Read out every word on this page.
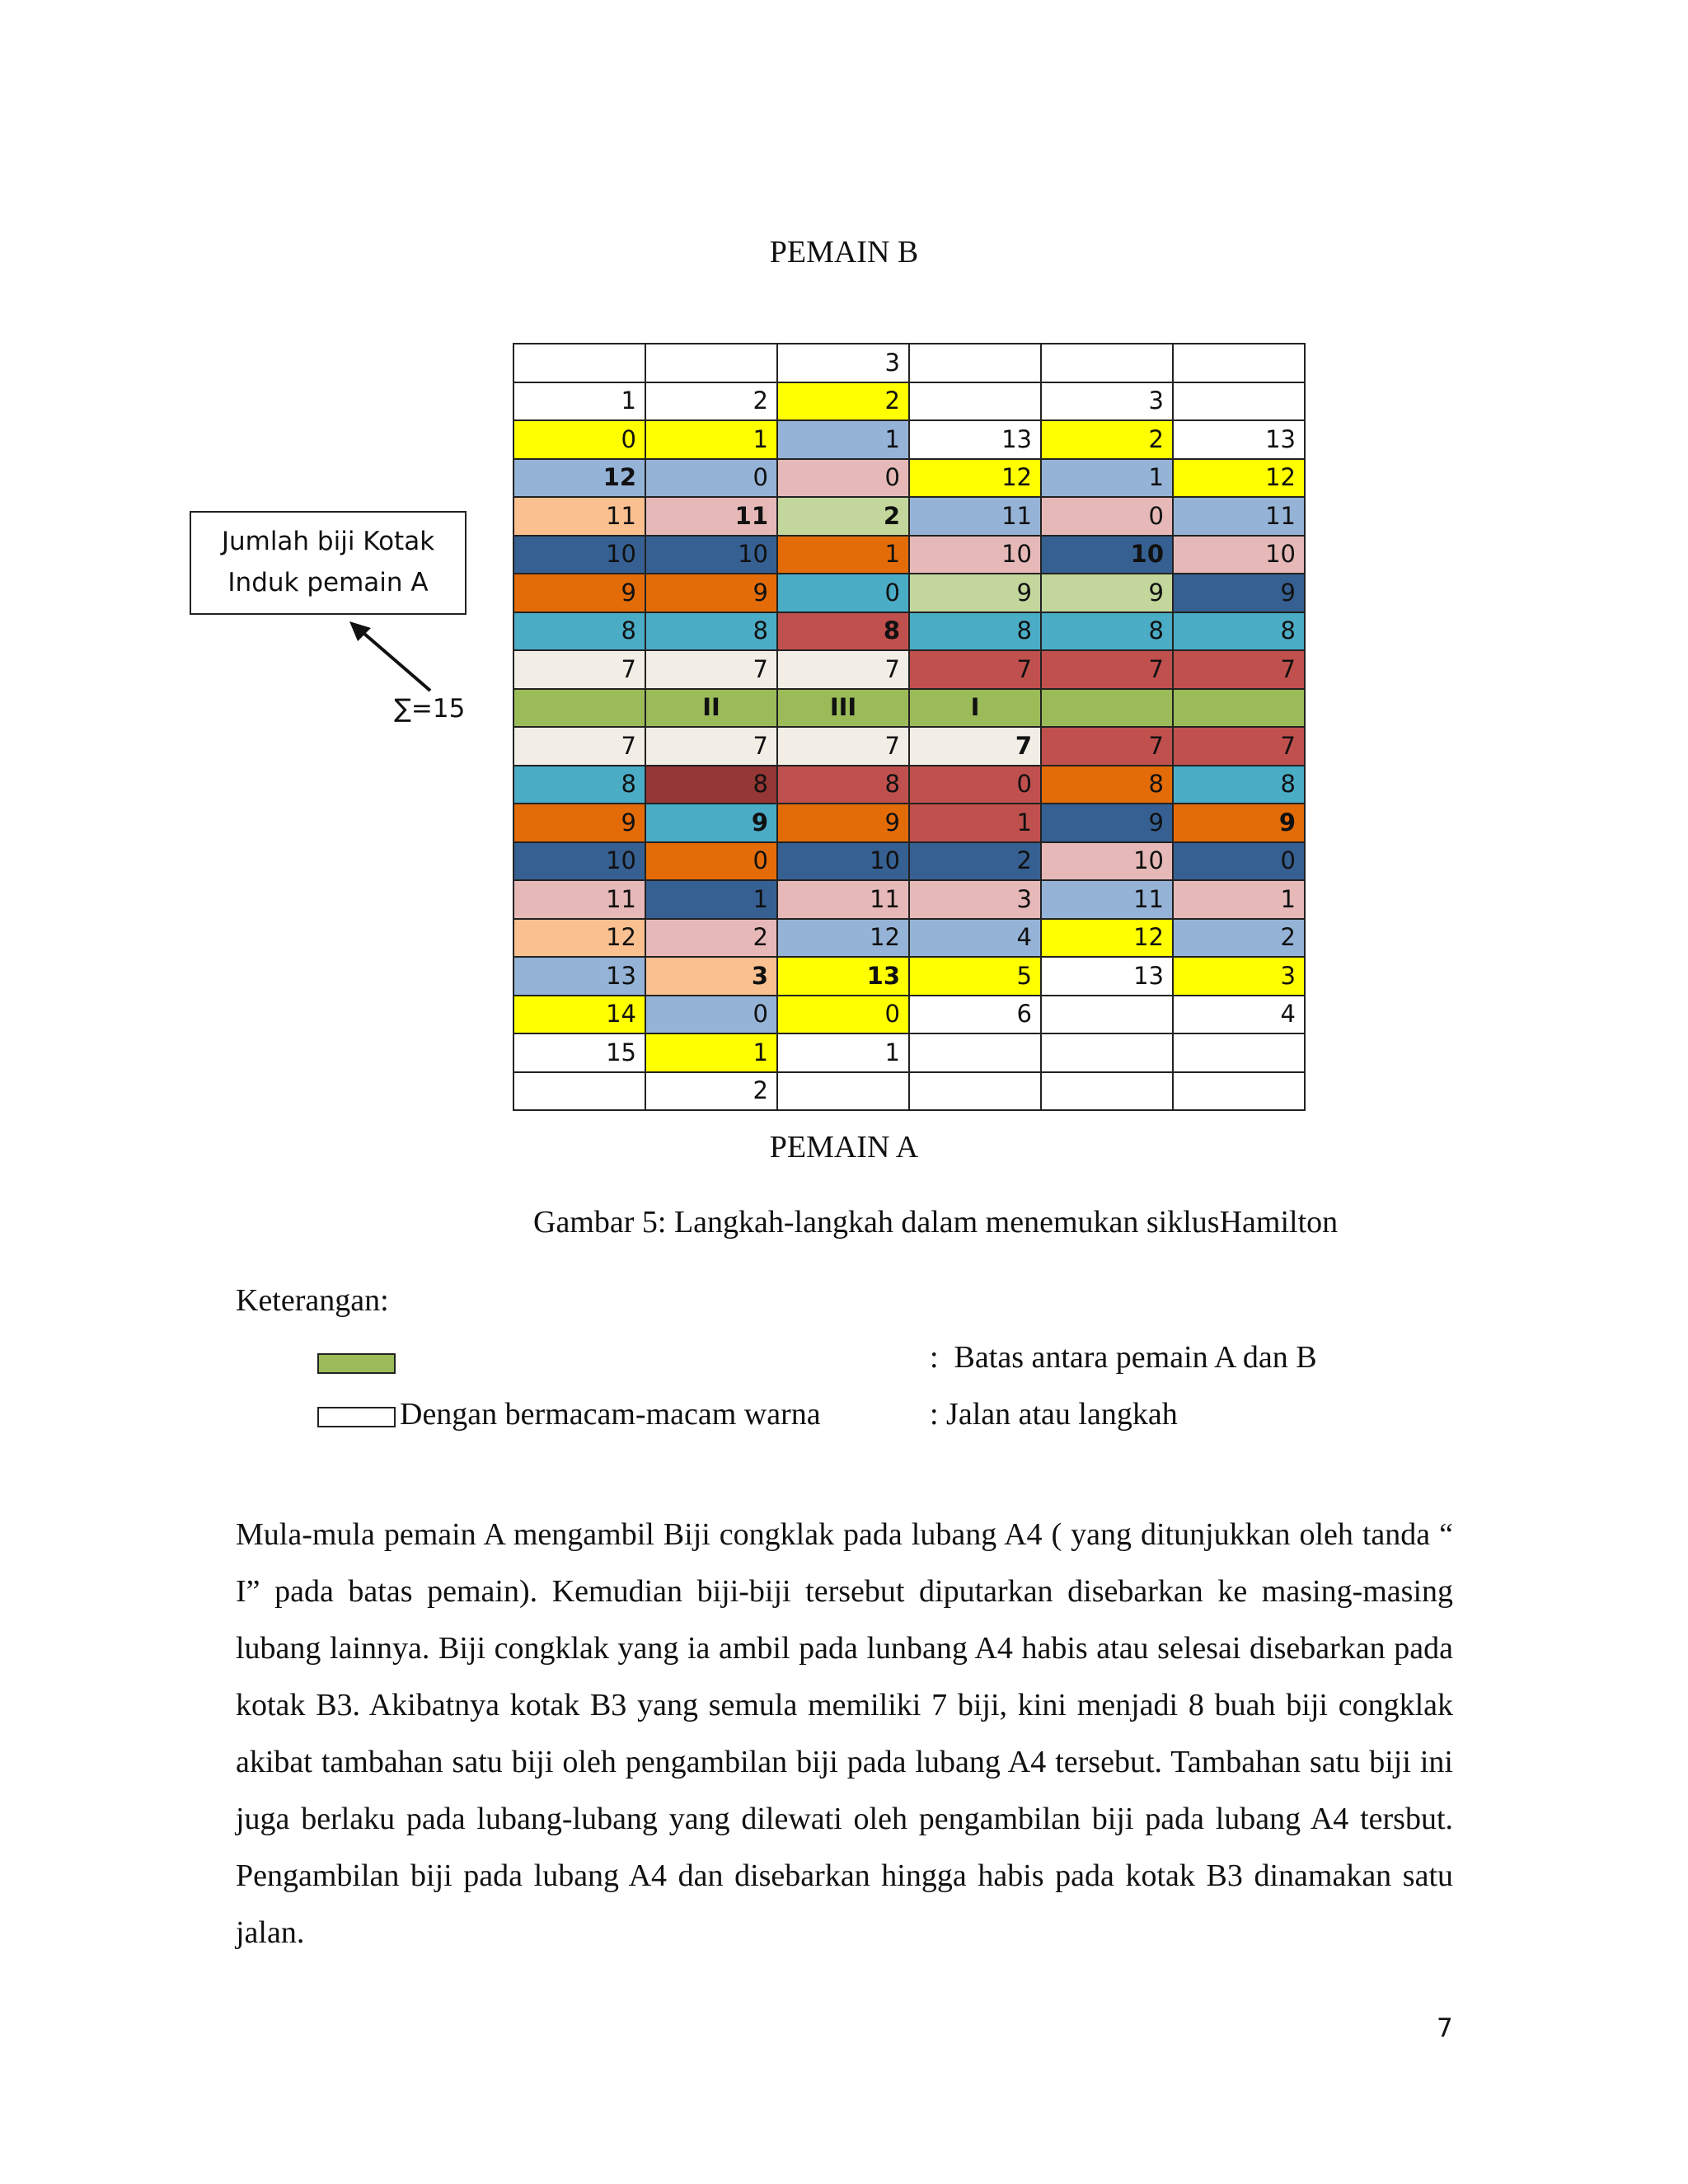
PEMAIN B
		3			
1	2	2		3	
0	1	1	13	2	13
12	0	0	12	1	12
11	11	2	11	0	11
10	10	1	10	10	10
9	9	0	9	9	9
8	8	8	8	8	8
7	7	7	7	7	7
	II	III	I		
7	7	7	7	7	7
8	8	8	0	8	8
9	9	9	1	9	9
10	0	10	2	10	0
11	1	11	3	11	1
12	2	12	4	12	2
13	3	13	5	13	3
14	0	0	6		4
15	1	1			
	2				
Jumlah biji Kotak
Induk pemain A
∑=15
PEMAIN A
Gambar 5: Langkah-langkah dalam menemukan siklusHamilton
Keterangan:
:  Batas antara pemain A dan B
Dengan bermacam-macam warna	: Jalan atau langkah
Mula-mula pemain A mengambil Biji congklak pada lubang A4 ( yang ditunjukkan oleh tanda “ I” pada batas pemain). Kemudian biji-biji tersebut diputarkan disebarkan ke masing-masing lubang lainnya. Biji congklak yang ia ambil pada lunbang A4 habis atau selesai disebarkan pada kotak B3. Akibatnya kotak B3 yang semula memiliki 7 biji, kini menjadi 8 buah biji congklak akibat tambahan satu biji oleh pengambilan biji pada lubang A4 tersebut. Tambahan satu biji ini juga berlaku pada lubang-lubang yang dilewati oleh pengambilan biji pada lubang A4 tersbut. Pengambilan biji pada lubang A4 dan disebarkan hingga habis pada kotak B3 dinamakan satu jalan.
7
